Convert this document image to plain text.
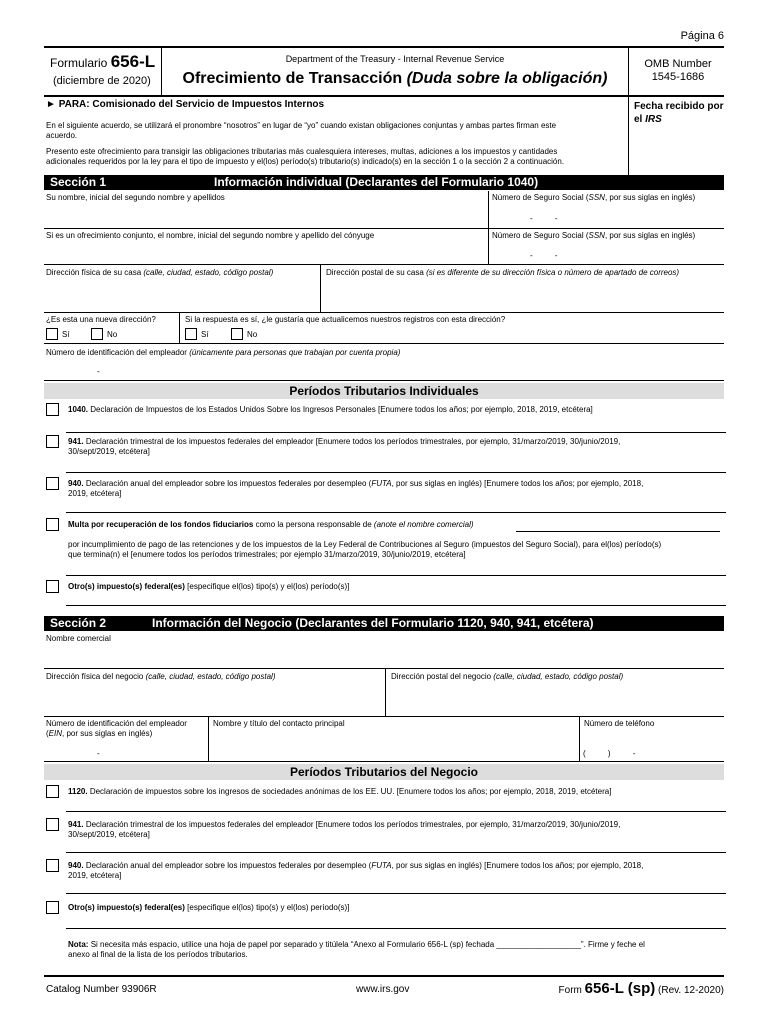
Página 6
Formulario 656-L
(diciembre de 2020)
Department of the Treasury - Internal Revenue Service
Ofrecimiento de Transacción (Duda sobre la obligación)
OMB Number
1545-1686
► PARA: Comisionado del Servicio de Impuestos Internos	Fecha recibido por
el IRS
En el siguiente acuerdo, se utilizará el pronombre “nosotros” en lugar de “yo” cuando existan obligaciones conjuntas y ambas partes firman este
acuerdo.
Presento este ofrecimiento para transigir las obligaciones tributarias más cualesquiera intereses, multas, adiciones a los impuestos y cantidades
adicionales requeridos por la ley para el tipo de impuesto y el(los) período(s) tributario(s) indicado(s) en la sección 1 o la sección 2 a continuación.
Sección 1	Información individual (Declarantes del Formulario 1040)
Su nombre, inicial del segundo nombre y apellidos	Número de Seguro Social (SSN, por sus siglas en inglés)
-          -
Si es un ofrecimiento conjunto, el nombre, inicial del segundo nombre y apellido del cónyuge	Número de Seguro Social (SSN, por sus siglas en inglés)
-          -
Dirección física de su casa (calle, ciudad, estado, código postal)	Dirección postal de su casa (si es diferente de su dirección física o número de apartado de correos)
¿Es esta una nueva dirección?
Sí	No
Si la respuesta es sí, ¿le gustaría que actualicemos nuestros registros con esta dirección?
Sí	No
Número de identificación del empleador (únicamente para personas que trabajan por cuenta propia)
-
Períodos Tributarios Individuales
1040. Declaración de Impuestos de los Estados Unidos Sobre los Ingresos Personales [Enumere todos los años; por ejemplo, 2018, 2019, etcétera]
941. Declaración trimestral de los impuestos federales del empleador [Enumere todos los períodos trimestrales, por ejemplo, 31/marzo/2019, 30/junio/2019,
30/sept/2019, etcétera]
940. Declaración anual del empleador sobre los impuestos federales por desempleo (FUTA, por sus siglas en inglés) [Enumere todos los años; por ejemplo, 2018,
2019, etcétera]
Multa por recuperación de los fondos fiduciarios como la persona responsable de (anote el nombre comercial)
por incumplimiento de pago de las retenciones y de los impuestos de la Ley Federal de Contribuciones al Seguro (impuestos del Seguro Social), para el(los) período(s)
que termina(n) el [enumere todos los períodos trimestrales; por ejemplo 31/marzo/2019, 30/junio/2019, etcétera]
Otro(s) impuesto(s) federal(es) [especifique el(los) tipo(s) y el(los) período(s)]
Sección 2	Información del Negocio (Declarantes del Formulario 1120, 940, 941, etcétera)
Nombre comercial
Dirección física del negocio (calle, ciudad, estado, código postal)	Dirección postal del negocio (calle, ciudad, estado, código postal)
Número de identificación del empleador
(EIN, por sus siglas en inglés)
-
Nombre y título del contacto principal	Número de teléfono
(          )          -
Períodos Tributarios del Negocio
1120. Declaración de impuestos sobre los ingresos de sociedades anónimas de los EE. UU. [Enumere todos los años; por ejemplo, 2018, 2019, etcétera]
941. Declaración trimestral de los impuestos federales del empleador [Enumere todos los períodos trimestrales, por ejemplo, 31/marzo/2019, 30/junio/2019,
30/sept/2019, etcétera]
940. Declaración anual del empleador sobre los impuestos federales por desempleo (FUTA, por sus siglas en inglés) [Enumere todos los años; por ejemplo, 2018,
2019, etcétera]
Otro(s) impuesto(s) federal(es) [especifique el(los) tipo(s) y el(los) período(s)]
Nota: Si necesita más espacio, utilice una hoja de papel por separado y titúlela “Anexo al Formulario 656-L (sp) fechada ___________________”. Firme y feche el
anexo al final de la lista de los períodos tributarios.
Catalog Number 93906R	www.irs.gov	Form 656-L (sp) (Rev. 12-2020)
